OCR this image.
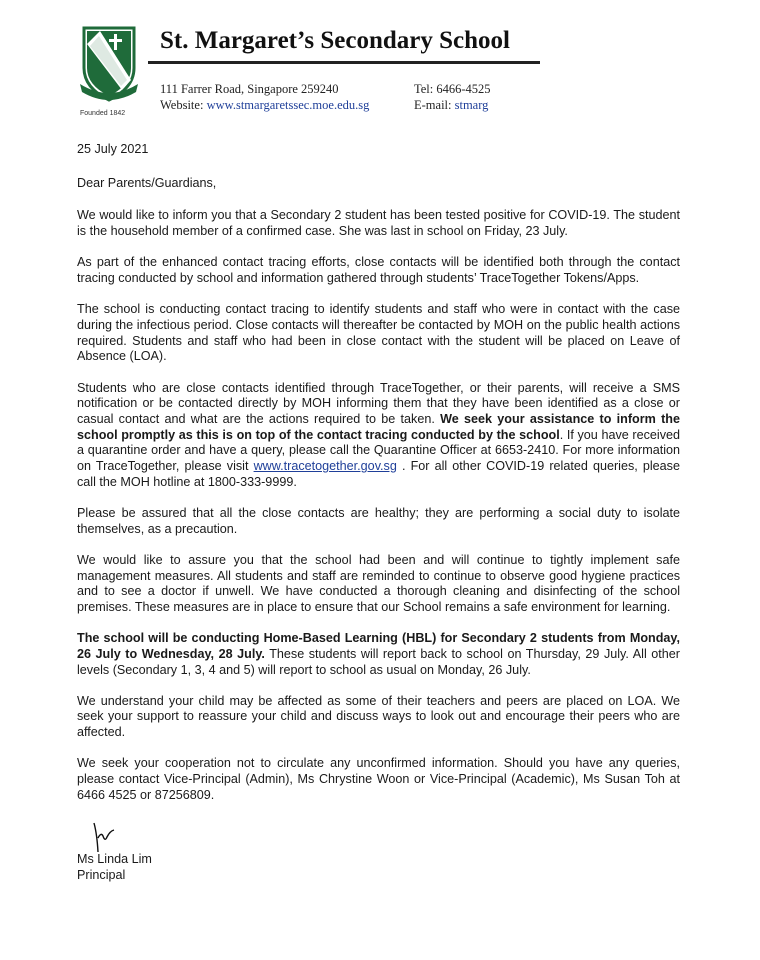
Founded 1842
St. Margaret’s Secondary School
111 Farrer Road, Singapore 259240
Website: www.stmargaretssec.moe.edu.sg
Tel: 6466-4525
E-mail: stmarg

25 July 2021

Dear Parents/Guardians,

We would like to inform you that a Secondary 2 student has been tested positive for COVID-19. The student is the household member of a confirmed case. She was last in school on Friday, 23 July.

As part of the enhanced contact tracing efforts, close contacts will be identified both through the contact tracing conducted by school and information gathered through students’ TraceTogether Tokens/Apps.

The school is conducting contact tracing to identify students and staff who were in contact with the case during the infectious period. Close contacts will thereafter be contacted by MOH on the public health actions required. Students and staff who had been in close contact with the student will be placed on Leave of Absence (LOA).

Students who are close contacts identified through TraceTogether, or their parents, will receive a SMS notification or be contacted directly by MOH informing them that they have been identified as a close or casual contact and what are the actions required to be taken. We seek your assistance to inform the school promptly as this is on top of the contact tracing conducted by the school. If you have received a quarantine order and have a query, please call the Quarantine Officer at 6653-2410. For more information on TraceTogether, please visit www.tracetogether.gov.sg . For all other COVID-19 related queries, please call the MOH hotline at 1800-333-9999.

Please be assured that all the close contacts are healthy; they are performing a social duty to isolate themselves, as a precaution.

We would like to assure you that the school had been and will continue to tightly implement safe management measures. All students and staff are reminded to continue to observe good hygiene practices and to see a doctor if unwell. We have conducted a thorough cleaning and disinfecting of the school premises. These measures are in place to ensure that our School remains a safe environment for learning.

The school will be conducting Home-Based Learning (HBL) for Secondary 2 students from Monday, 26 July to Wednesday, 28 July. These students will report back to school on Thursday, 29 July. All other levels (Secondary 1, 3, 4 and 5) will report to school as usual on Monday, 26 July.

We understand your child may be affected as some of their teachers and peers are placed on LOA. We seek your support to reassure your child and discuss ways to look out and encourage their peers who are affected.

We seek your cooperation not to circulate any unconfirmed information. Should you have any queries, please contact Vice-Principal (Admin), Ms Chrystine Woon or Vice-Principal (Academic), Ms Susan Toh at 6466 4525 or 87256809.

Ms Linda Lim
Principal
